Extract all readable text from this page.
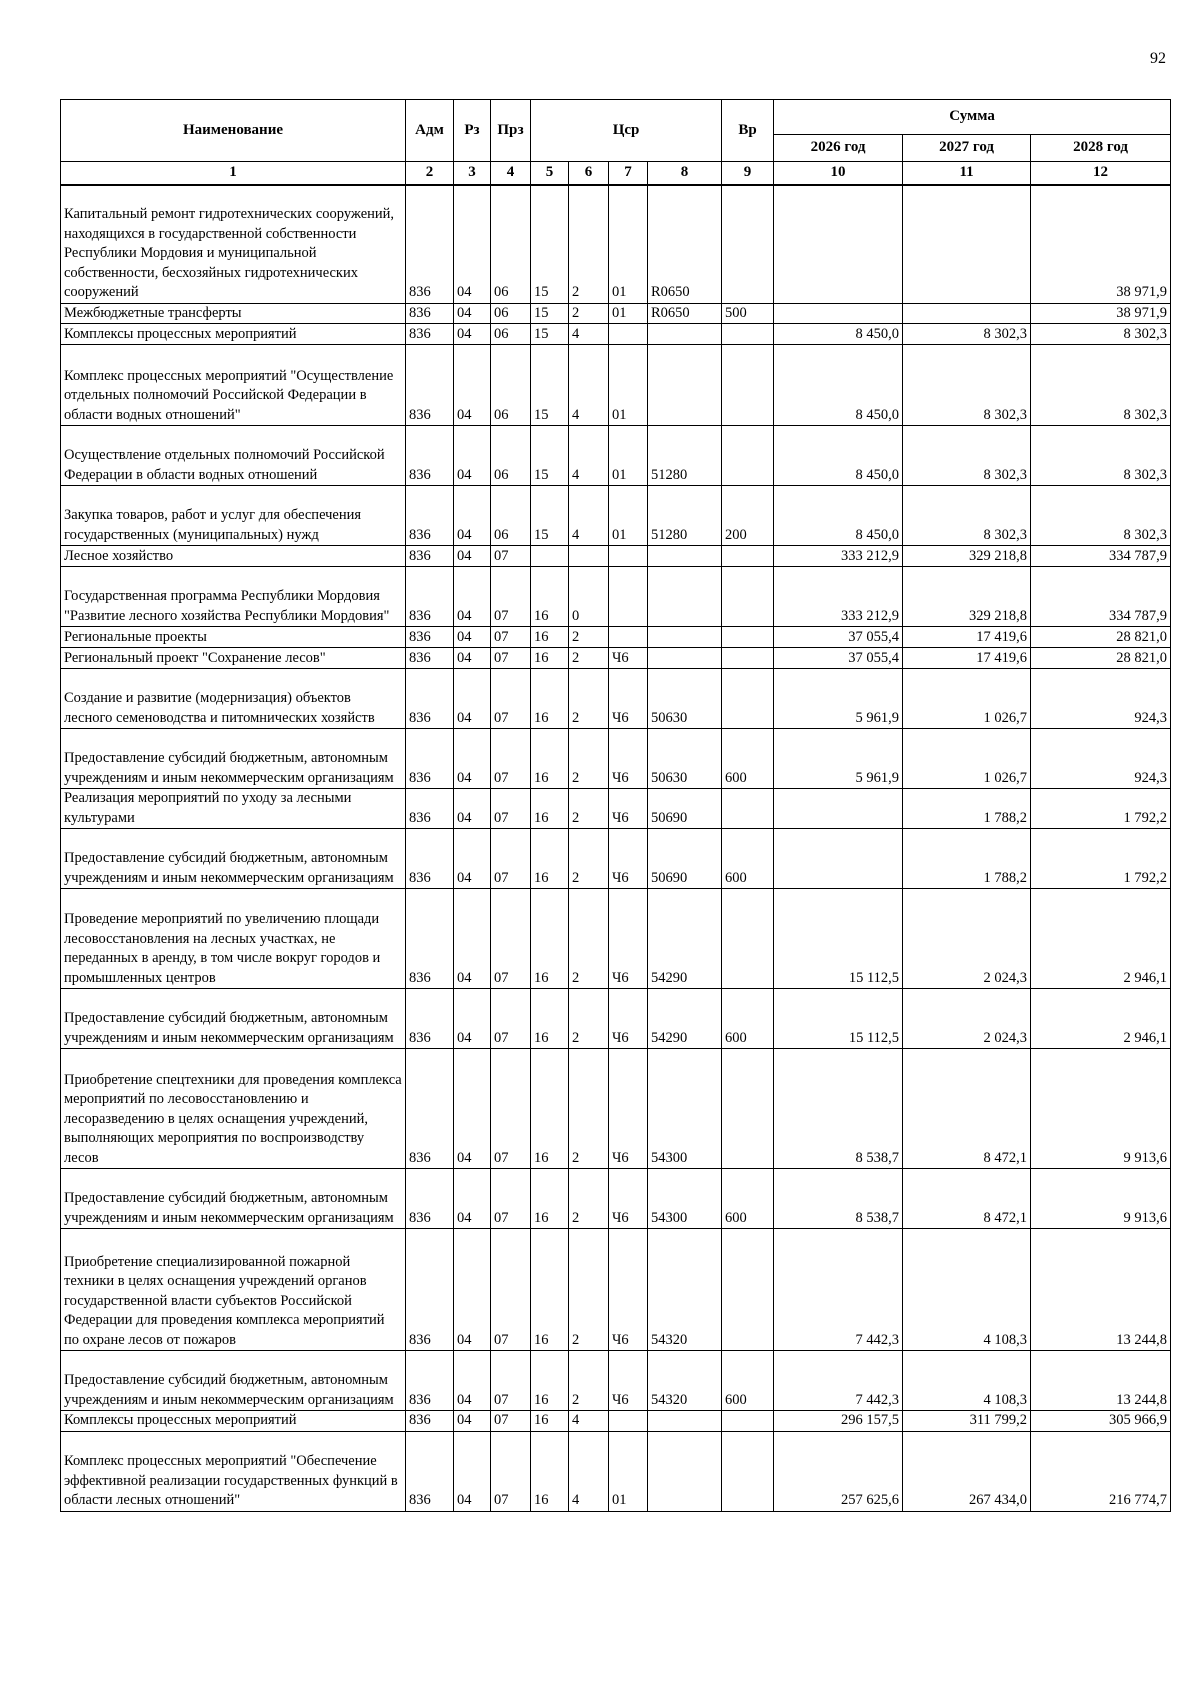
92
Наименование	Адм	Рз	Прз	Цср				Вр	Сумма		
									2026 год	2027 год	2028 год
1	2	3	4	5	6	7	8	9	10	11	12
Капитальный ремонт гидротехнических сооружений, находящихся в государственной собственности Республики Мордовия и муниципальной собственности, бесхозяйных гидротехнических сооружений	836	04	06	15	2	01	R0650				38 971,9
Межбюджетные трансферты	836	04	06	15	2	01	R0650	500			38 971,9
Комплексы процессных мероприятий	836	04	06	15	4				8 450,0	8 302,3	8 302,3
Комплекс процессных мероприятий "Осуществление отдельных полномочий Российской Федерации в области водных отношений"	836	04	06	15	4	01			8 450,0	8 302,3	8 302,3
Осуществление отдельных полномочий Российской Федерации в области водных отношений	836	04	06	15	4	01	51280		8 450,0	8 302,3	8 302,3
Закупка товаров, работ и услуг для обеспечения государственных (муниципальных) нужд	836	04	06	15	4	01	51280	200	8 450,0	8 302,3	8 302,3
Лесное хозяйство	836	04	07						333 212,9	329 218,8	334 787,9
Государственная программа Республики Мордовия "Развитие лесного хозяйства Республики Мордовия"	836	04	07	16	0				333 212,9	329 218,8	334 787,9
Региональные проекты	836	04	07	16	2				37 055,4	17 419,6	28 821,0
Региональный проект "Сохранение лесов"	836	04	07	16	2	Ч6			37 055,4	17 419,6	28 821,0
Создание и развитие (модернизация) объектов лесного семеноводства и питомнических хозяйств	836	04	07	16	2	Ч6	50630		5 961,9	1 026,7	924,3
Предоставление субсидий бюджетным, автономным учреждениям и иным некоммерческим организациям	836	04	07	16	2	Ч6	50630	600	5 961,9	1 026,7	924,3
Реализация мероприятий по уходу за лесными культурами	836	04	07	16	2	Ч6	50690			1 788,2	1 792,2
Предоставление субсидий бюджетным, автономным учреждениям и иным некоммерческим организациям	836	04	07	16	2	Ч6	50690	600		1 788,2	1 792,2
Проведение мероприятий по увеличению площади лесовосстановления на лесных участках, не переданных в аренду, в том числе вокруг городов и промышленных центров	836	04	07	16	2	Ч6	54290		15 112,5	2 024,3	2 946,1
Предоставление субсидий бюджетным, автономным учреждениям и иным некоммерческим организациям	836	04	07	16	2	Ч6	54290	600	15 112,5	2 024,3	2 946,1
Приобретение спецтехники для проведения комплекса мероприятий по лесовосстановлению и лесоразведению в целях оснащения учреждений, выполняющих мероприятия по воспроизводству лесов	836	04	07	16	2	Ч6	54300		8 538,7	8 472,1	9 913,6
Предоставление субсидий бюджетным, автономным учреждениям и иным некоммерческим организациям	836	04	07	16	2	Ч6	54300	600	8 538,7	8 472,1	9 913,6
Приобретение специализированной пожарной техники в целях оснащения учреждений органов государственной власти субъектов Российской Федерации для проведения комплекса мероприятий по охране лесов от пожаров	836	04	07	16	2	Ч6	54320		7 442,3	4 108,3	13 244,8
Предоставление субсидий бюджетным, автономным учреждениям и иным некоммерческим организациям	836	04	07	16	2	Ч6	54320	600	7 442,3	4 108,3	13 244,8
Комплексы процессных мероприятий	836	04	07	16	4				296 157,5	311 799,2	305 966,9
Комплекс процессных мероприятий "Обеспечение эффективной реализации государственных функций в области лесных отношений"	836	04	07	16	4	01			257 625,6	267 434,0	216 774,7
